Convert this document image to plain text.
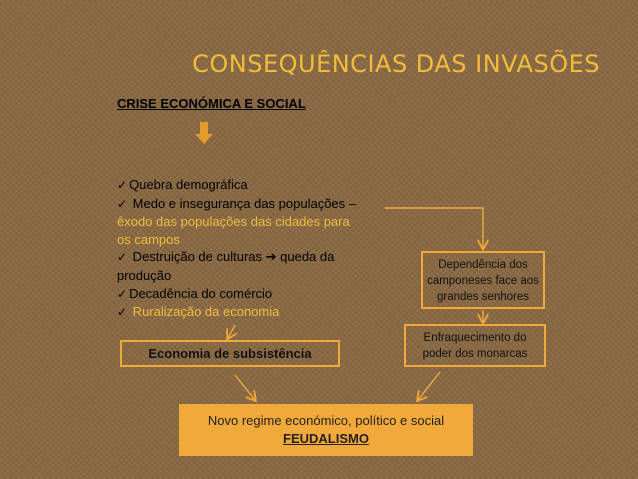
CONSEQUÊNCIAS DAS INVASÕES
CRISE ECONÓMICA E SOCIAL
✓ Quebra demográfica
✓ Medo e insegurança das populações –
êxodo das populações das cidades para
os campos
✓ Destruição de culturas ➔ queda da
produção
✓ Decadência do comércio
✓ Ruralização da economia
Dependência dos
camponeses face aos
grandes senhores
Enfraquecimento do
poder dos monarcas
Economia de subsistência
Novo regime económico, político e social
FEUDALISMO
